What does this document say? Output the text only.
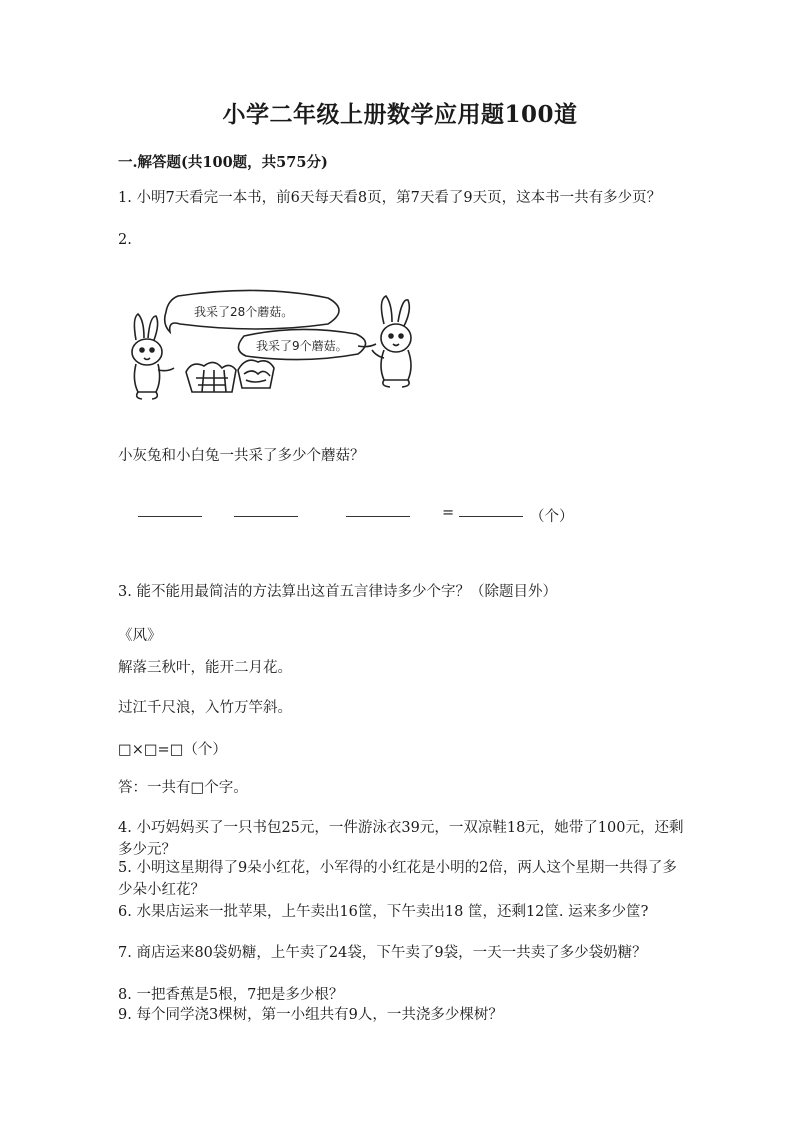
小学二年级上册数学应用题100道
一.解答题(共100题，共575分)
1. 小明7天看完一本书，前6天每天看8页，第7天看了9天页，这本书一共有多少页？
2.
我采了28个蘑菇。
我采了9个蘑菇。
小灰兔和小白兔一共采了多少个蘑菇？
=	（个）
3. 能不能用最简洁的方法算出这首五言律诗多少个字？（除题目外）
《风》
解落三秋叶，能开二月花。
过江千尺浪，入竹万竿斜。
□×□=□（个）
答：一共有□个字。
4. 小巧妈妈买了一只书包25元，一件游泳衣39元，一双凉鞋18元，她带了100元，还剩多少元？
5. 小明这星期得了9朵小红花，小军得的小红花是小明的2倍，两人这个星期一共得了多少朵小红花？
6. 水果店运来一批苹果，上午卖出16筐，下午卖出18 筐，还剩12筐. 运来多少筐?
7. 商店运来80袋奶糖，上午卖了24袋，下午卖了9袋，一天一共卖了多少袋奶糖？
8. 一把香蕉是5根，7把是多少根？
9. 每个同学浇3棵树，第一小组共有9人，一共浇多少棵树？
